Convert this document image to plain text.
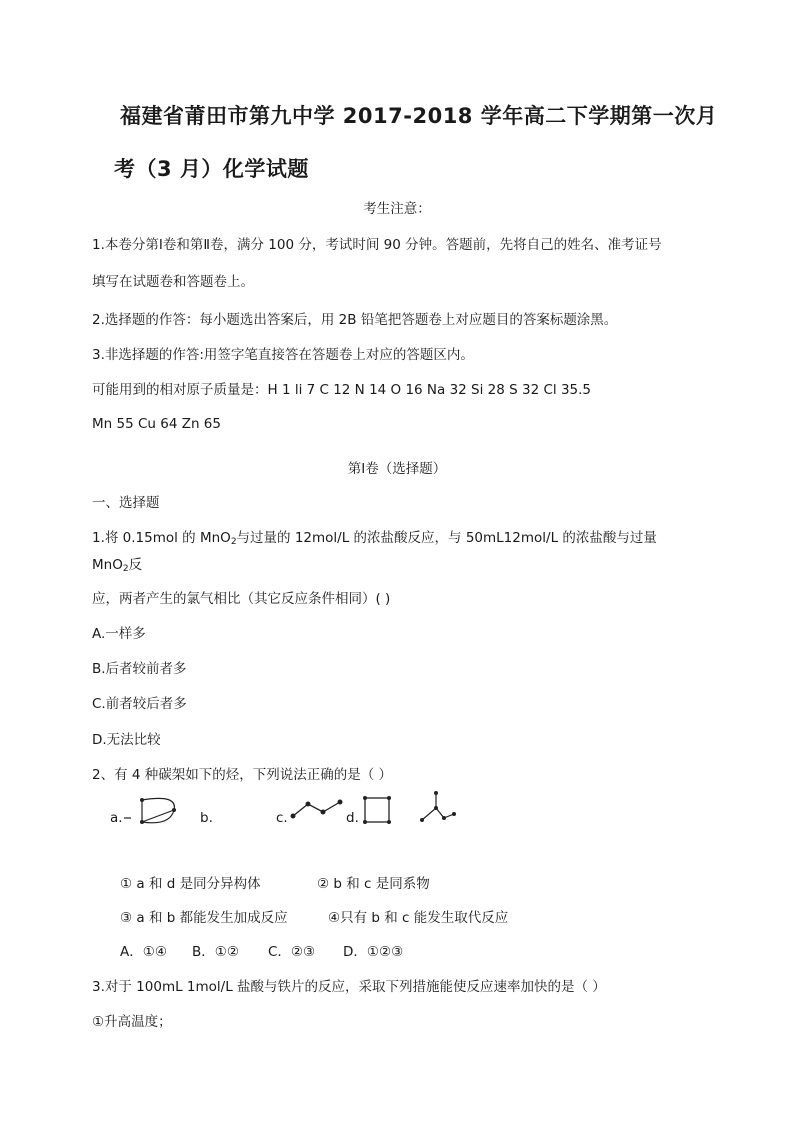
福建省莆田市第九中学 2017-2018 学年高二下学期第一次月
考（3 月）化学试题
考生注意：
1.本卷分第Ⅰ卷和第Ⅱ卷，满分 100 分，考试时间 90 分钟。答题前，先将自己的姓名、准考证号
填写在试题卷和答题卷上。
2.选择题的作答：每小题选出答案后，用 2B 铅笔把答题卷上对应题目的答案标题涂黑。
3.非选择题的作答:用签字笔直接答在答题卷上对应的答题区内。
可能用到的相对原子质量是：H 1 li 7 C 12 N 14 O 16 Na 32 Si 28 S 32 Cl 35.5
Mn 55 Cu 64 Zn 65
第Ⅰ卷（选择题）
一、选择题
1.将 0.15mol 的 MnO$_2$与过量的 12mol/L 的浓盐酸反应，与 50mL12mol/L 的浓盐酸与过量
MnO$_2$反
应，两者产生的氯气相比（其它反应条件相同）( )
A.一样多
B.后者较前者多
C.前者较后者多
D.无法比较
2、有 4 种碳架如下的烃，下列说法正确的是（ ）
a.	b.	c.	d.
① a 和 d 是同分异构体	② b 和 c 是同系物
③ a 和 b 都能发生加成反应	④只有 b 和 c 能发生取代反应
A．①④ B．①② C．②③ D．①②③
3.对于 100mL 1mol/L 盐酸与铁片的反应，采取下列措施能使反应速率加快的是（ ）
①升高温度；
